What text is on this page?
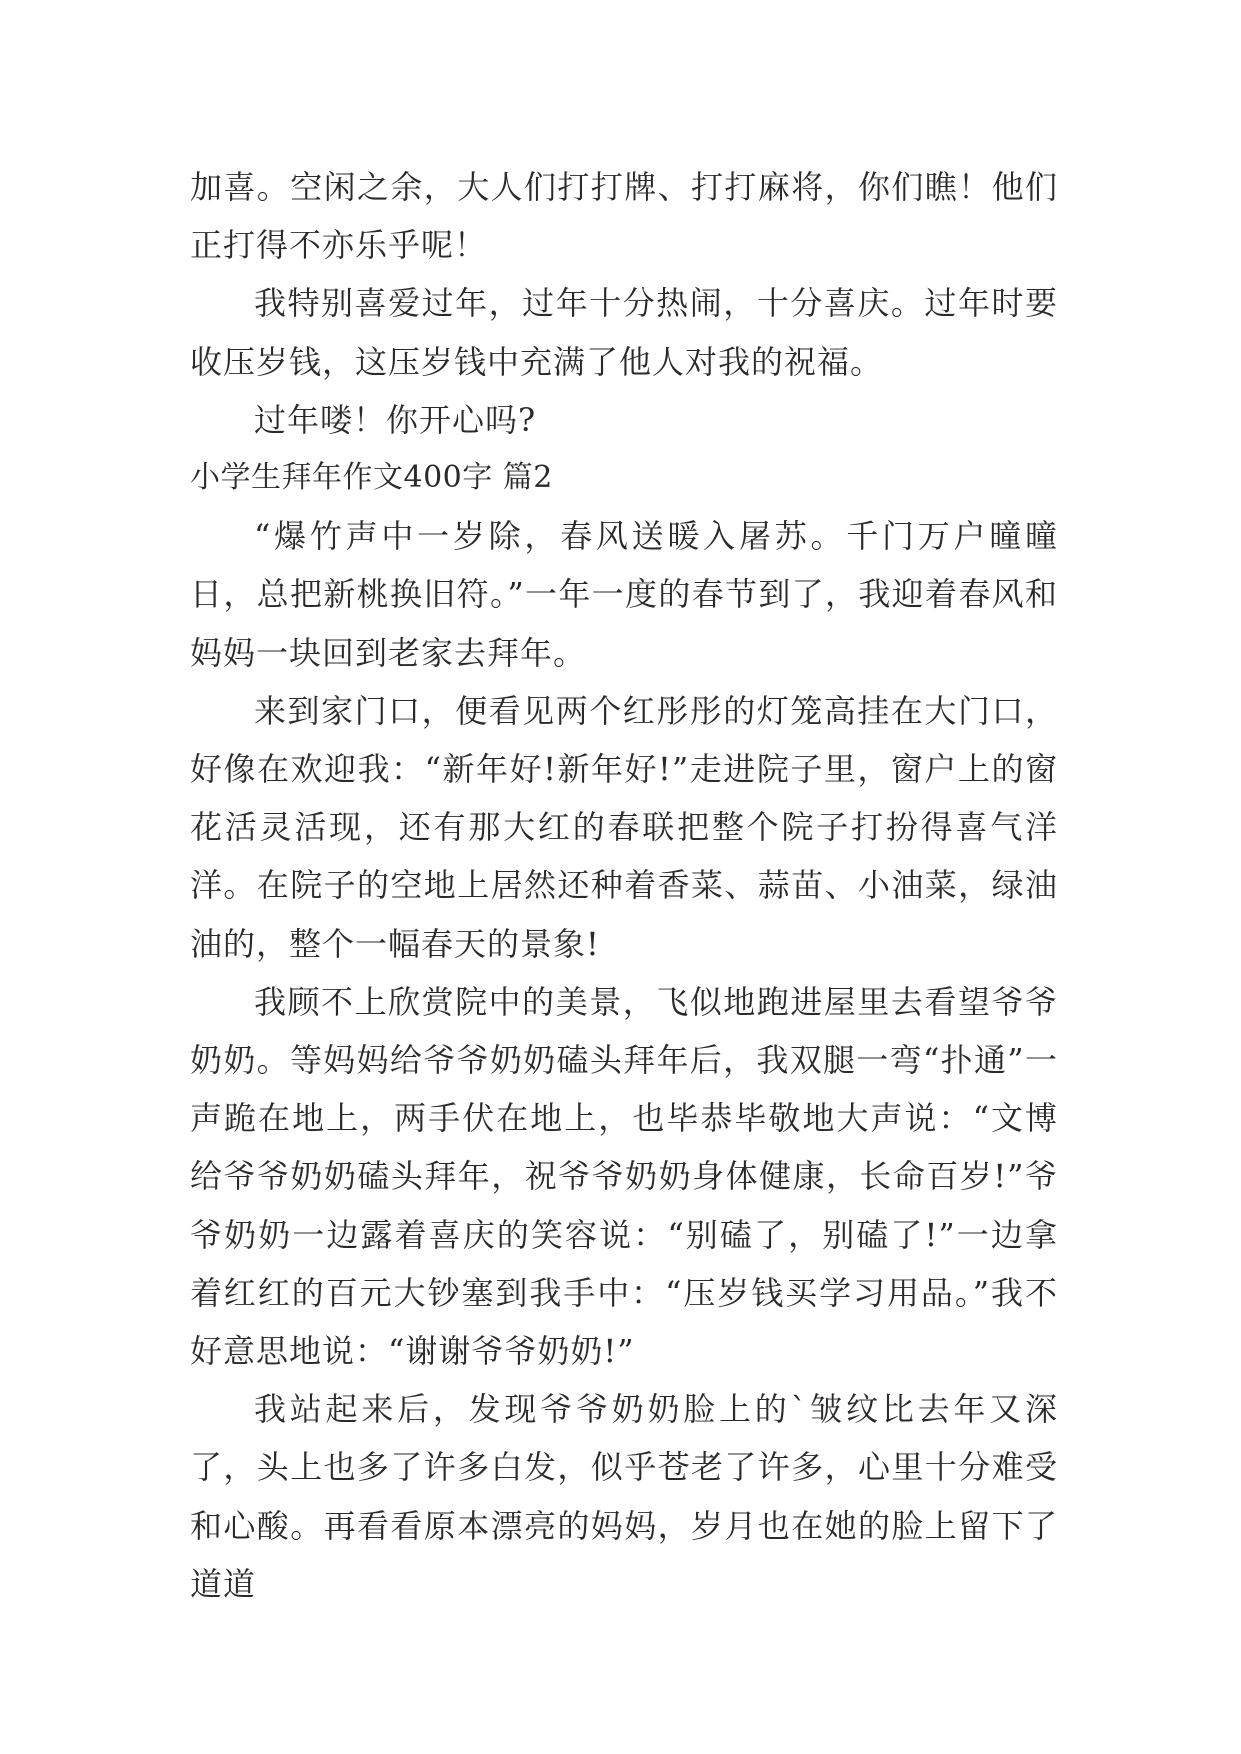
加喜。空闲之余，大人们打打牌、打打麻将，你们瞧！他们正打得不亦乐乎呢！

我特别喜爱过年，过年十分热闹，十分喜庆。过年时要收压岁钱，这压岁钱中充满了他人对我的祝福。

过年喽！你开心吗?

小学生拜年作文400字 篇2

“爆竹声中一岁除，春风送暖入屠苏。千门万户曈曈日，总把新桃换旧符。”一年一度的春节到了，我迎着春风和妈妈一块回到老家去拜年。

来到家门口，便看见两个红彤彤的灯笼高挂在大门口，好像在欢迎我：“新年好!新年好!”走进院子里，窗户上的窗花活灵活现，还有那大红的春联把整个院子打扮得喜气洋洋。在院子的空地上居然还种着香菜、蒜苗、小油菜，绿油油的，整个一幅春天的景象!

我顾不上欣赏院中的美景，飞似地跑进屋里去看望爷爷奶奶。等妈妈给爷爷奶奶磕头拜年后，我双腿一弯“扑通”一声跪在地上，两手伏在地上，也毕恭毕敬地大声说：“文博给爷爷奶奶磕头拜年，祝爷爷奶奶身体健康，长命百岁!”爷爷奶奶一边露着喜庆的笑容说：“别磕了，别磕了!”一边拿着红红的百元大钞塞到我手中：“压岁钱买学习用品。”我不好意思地说：“谢谢爷爷奶奶!”

我站起来后，发现爷爷奶奶脸上的`皱纹比去年又深了，头上也多了许多白发，似乎苍老了许多，心里十分难受和心酸。再看看原本漂亮的妈妈，岁月也在她的脸上留下了道道
